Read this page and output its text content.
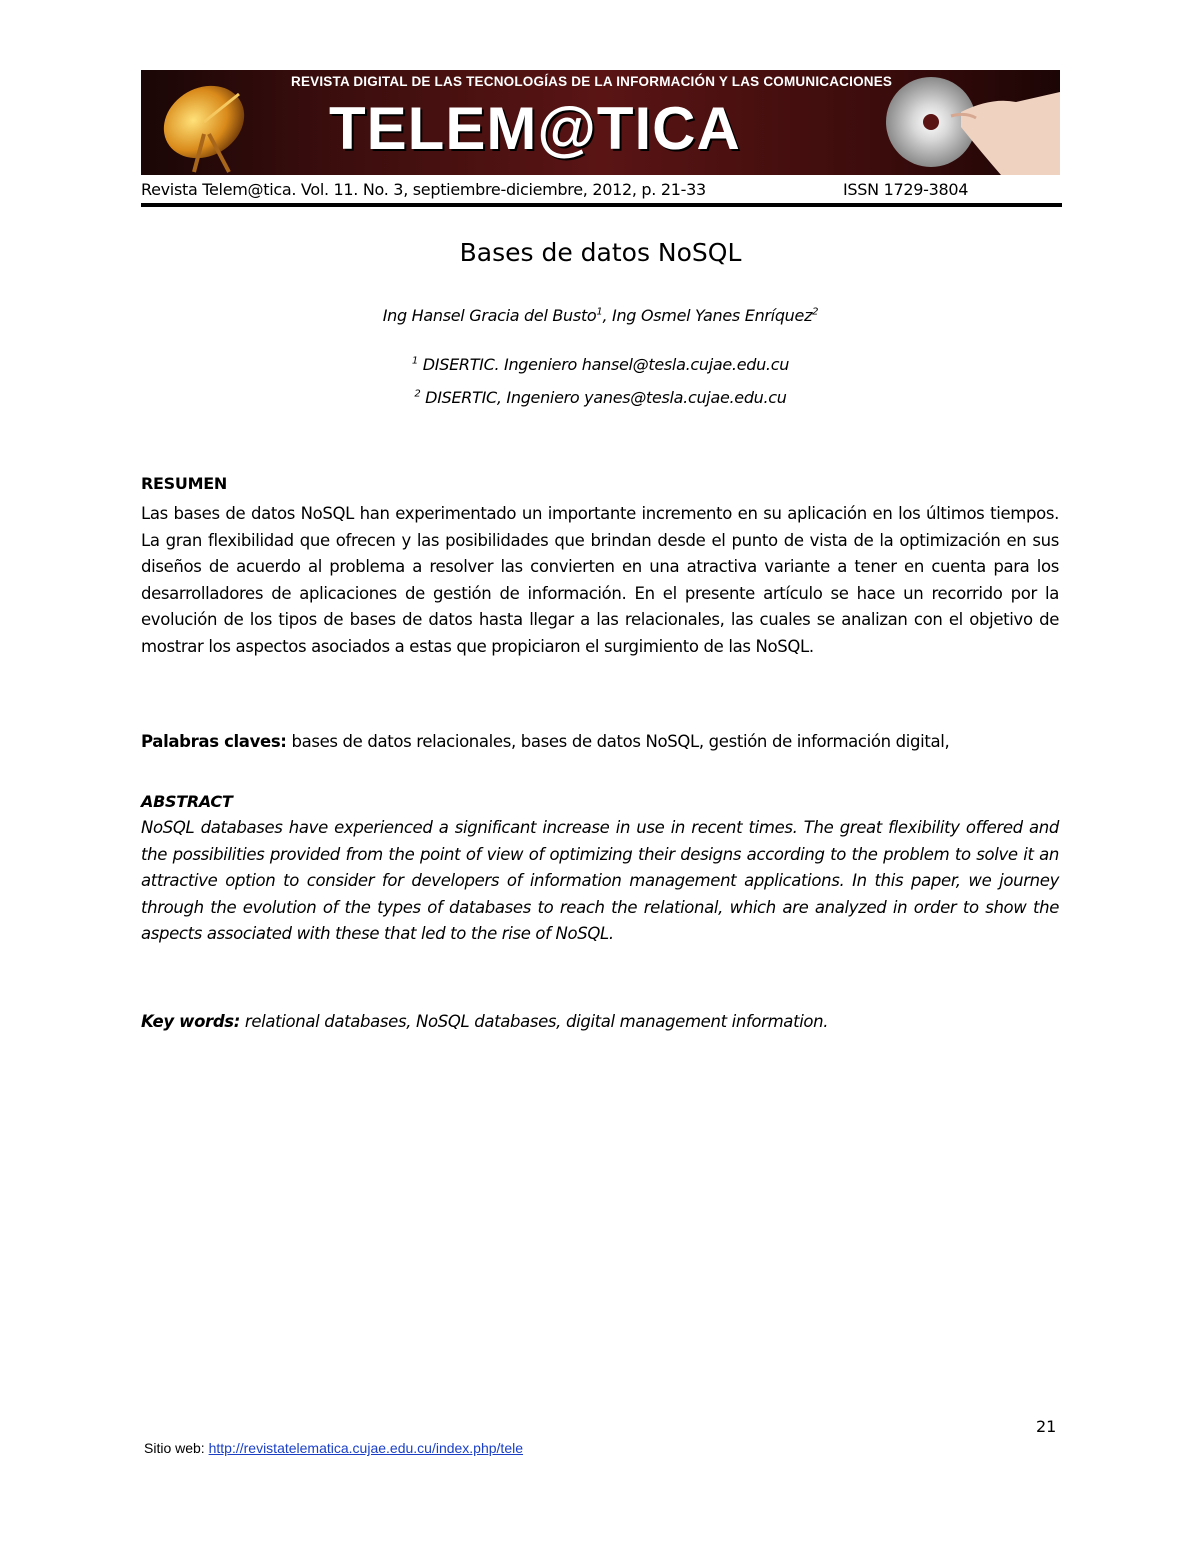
REVISTA DIGITAL DE LAS TECNOLOGÍAS DE LA INFORMACIÓN Y LAS COMUNICACIONES
TELEM@TICA
Revista Telem@tica. Vol. 11. No. 3, septiembre-diciembre, 2012, p. 21-33	ISSN 1729-3804
Bases de datos NoSQL
Ing Hansel Gracia del Busto$^1$, Ing Osmel Yanes Enríquez$^2$
$^1$ DISERTIC. Ingeniero hansel@tesla.cujae.edu.cu
$^2$ DISERTIC, Ingeniero yanes@tesla.cujae.edu.cu
RESUMEN
Las bases de datos NoSQL han experimentado un importante incremento en su aplicación en los últimos tiempos. La gran flexibilidad que ofrecen y las posibilidades que brindan desde el punto de vista de la optimización en sus diseños de acuerdo al problema a resolver las convierten en una atractiva variante a tener en cuenta para los desarrolladores de aplicaciones de gestión de información. En el presente artículo se hace un recorrido por la evolución de los tipos de bases de datos hasta llegar a las relacionales, las cuales se analizan con el objetivo de mostrar los aspectos asociados a estas que propiciaron el surgimiento de las NoSQL.
Palabras claves: bases de datos relacionales, bases de datos NoSQL, gestión de información digital,
ABSTRACT
NoSQL databases have experienced a significant increase in use in recent times. The great flexibility offered and the possibilities provided from the point of view of optimizing their designs according to the problem to solve it an attractive option to consider for developers of information management applications. In this paper, we journey through the evolution of the types of databases to reach the relational, which are analyzed in order to show the aspects associated with these that led to the rise of NoSQL.
Key words: relational databases, NoSQL databases, digital management information.
21
Sitio web: http://revistatelematica.cujae.edu.cu/index.php/tele
